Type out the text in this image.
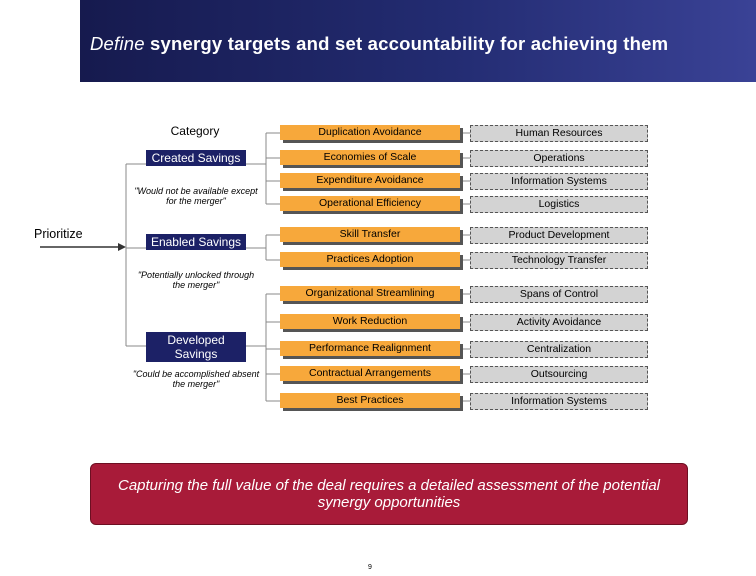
Define synergy targets and set accountability for achieving them
Prioritize
Category
Created Savings
"Would not be available except for the merger"
Enabled Savings
"Potentially unlocked through the merger"
Developed Savings
"Could be accomplished absent the merger"
Duplication Avoidance
Economies of Scale
Expenditure Avoidance
Operational Efficiency
Skill Transfer
Practices Adoption
Organizational Streamlining
Work Reduction
Performance Realignment
Contractual Arrangements
Best Practices
Human Resources
Operations
Information Systems
Logistics
Product Development
Technology Transfer
Spans of Control
Activity Avoidance
Centralization
Outsourcing
Information Systems
Capturing the full value of the deal requires a detailed assessment of the potential synergy opportunities
9
